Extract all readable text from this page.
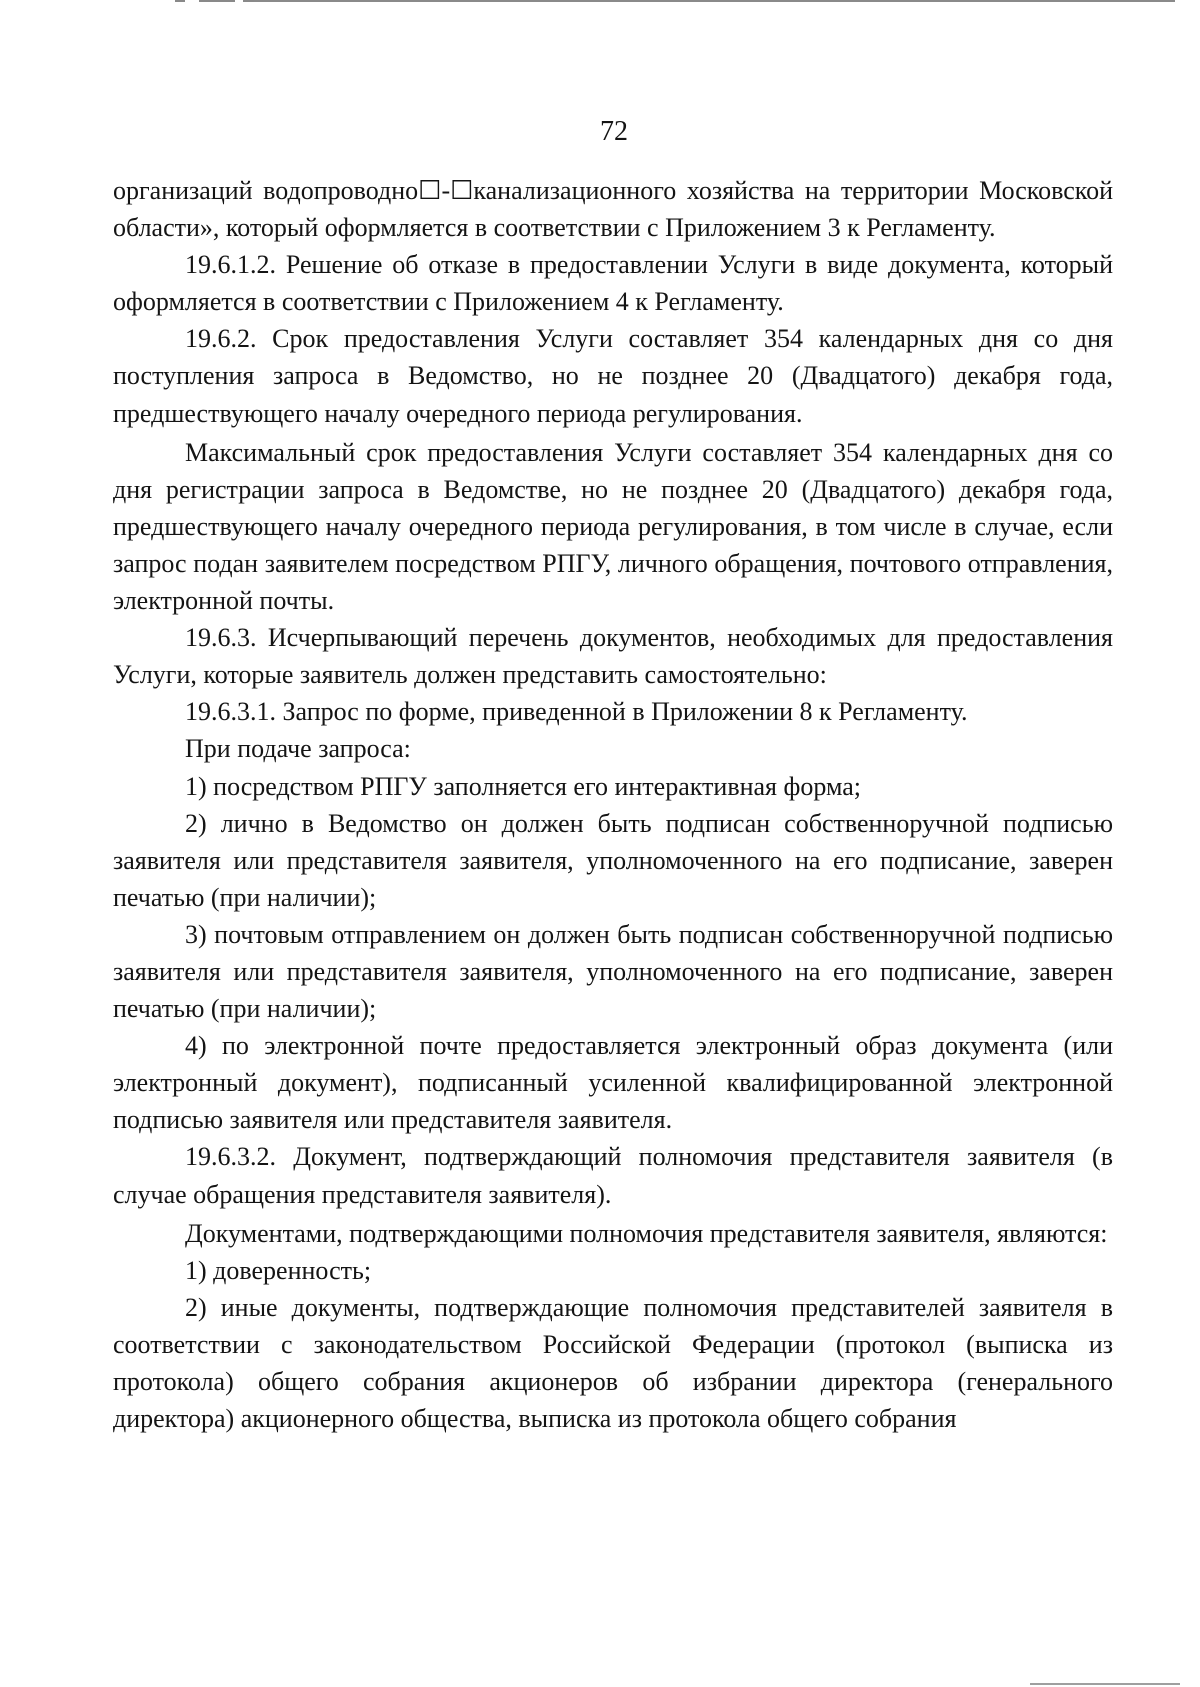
72

организаций водопроводно☐-☐канализационного хозяйства на территории Московской области», который оформляется в соответствии с Приложением 3 к Регламенту.

19.6.1.2. Решение об отказе в предоставлении Услуги в виде документа, который оформляется в соответствии с Приложением 4 к Регламенту.

19.6.2. Срок предоставления Услуги составляет 354 календарных дня со дня поступления запроса в Ведомство, но не позднее 20 (Двадцатого) декабря года, предшествующего началу очередного периода регулирования.

Максимальный срок предоставления Услуги составляет 354 календарных дня со дня регистрации запроса в Ведомстве, но не позднее 20 (Двадцатого) декабря года, предшествующего началу очередного периода регулирования, в том числе в случае, если запрос подан заявителем посредством РПГУ, личного обращения, почтового отправления, электронной почты.

19.6.3. Исчерпывающий перечень документов, необходимых для предоставления Услуги, которые заявитель должен представить самостоятельно:

19.6.3.1. Запрос по форме, приведенной в Приложении 8 к Регламенту.

При подаче запроса:

1) посредством РПГУ заполняется его интерактивная форма;

2) лично в Ведомство он должен быть подписан собственноручной подписью заявителя или представителя заявителя, уполномоченного на его подписание, заверен печатью (при наличии);

3) почтовым отправлением он должен быть подписан собственноручной подписью заявителя или представителя заявителя, уполномоченного на его подписание, заверен печатью (при наличии);

4) по электронной почте предоставляется электронный образ документа (или электронный документ), подписанный усиленной квалифицированной электронной подписью заявителя или представителя заявителя.

19.6.3.2. Документ, подтверждающий полномочия представителя заявителя (в случае обращения представителя заявителя).

Документами, подтверждающими полномочия представителя заявителя, являются:

1) доверенность;

2) иные документы, подтверждающие полномочия представителей заявителя в соответствии с законодательством Российской Федерации (протокол (выписка из протокола) общего собрания акционеров об избрании директора (генерального директора) акционерного общества, выписка из протокола общего собрания
